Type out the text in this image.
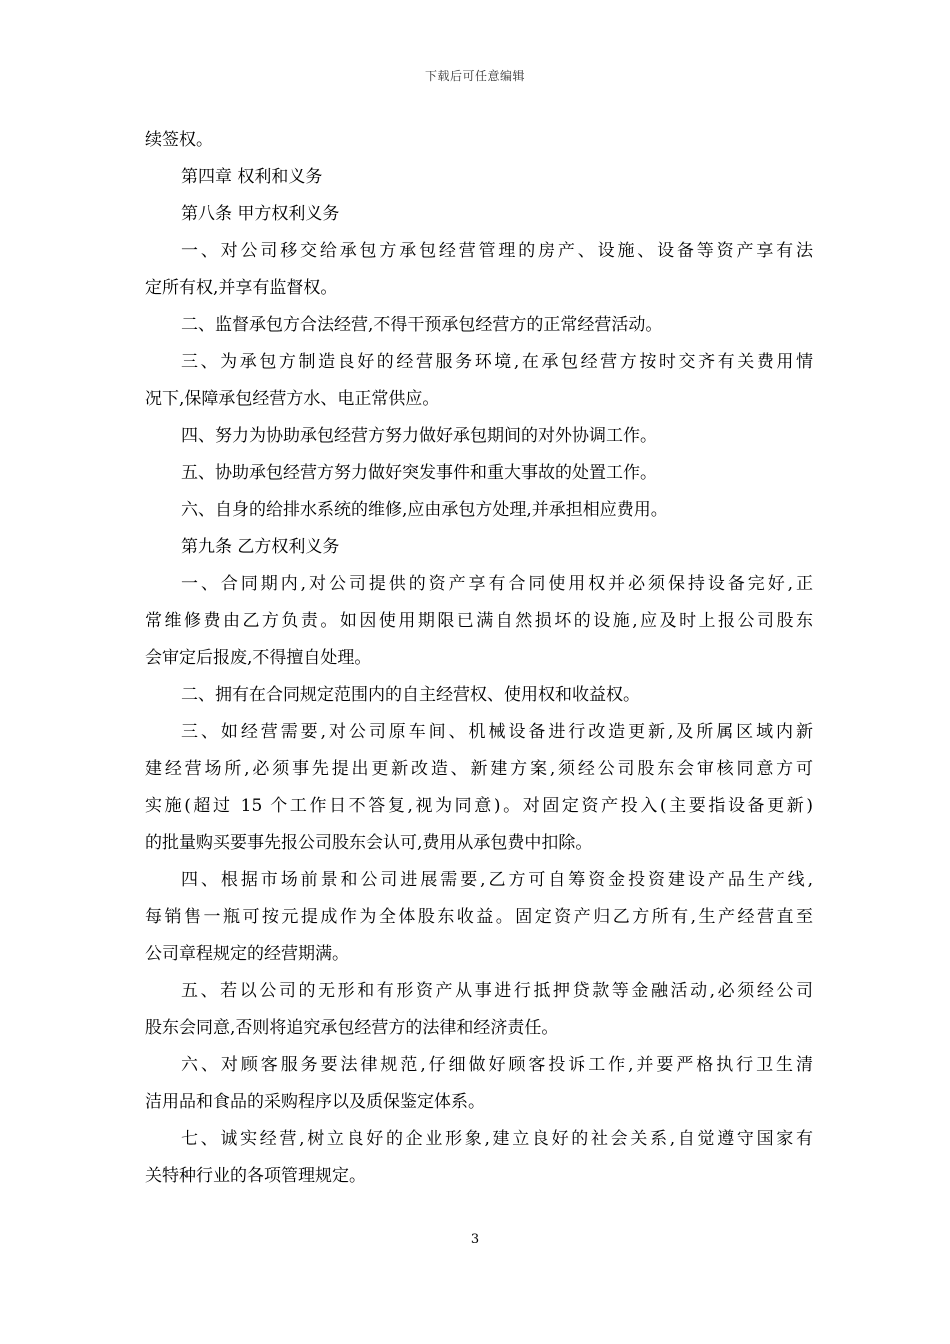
下载后可任意编辑

续签权。

第四章 权利和义务

第八条 甲方权利义务

一、对公司移交给承包方承包经营管理的房产、设施、设备等资产享有法

定所有权,并享有监督权。

二、监督承包方合法经营,不得干预承包经营方的正常经营活动。

三、为承包方制造良好的经营服务环境,在承包经营方按时交齐有关费用情

况下,保障承包经营方水、电正常供应。

四、努力为协助承包经营方努力做好承包期间的对外协调工作。

五、协助承包经营方努力做好突发事件和重大事故的处置工作。

六、自身的给排水系统的维修,应由承包方处理,并承担相应费用。

第九条 乙方权利义务

一、合同期内,对公司提供的资产享有合同使用权并必须保持设备完好,正

常维修费由乙方负责。如因使用期限已满自然损坏的设施,应及时上报公司股东

会审定后报废,不得擅自处理。

二、拥有在合同规定范围内的自主经营权、使用权和收益权。

三、如经营需要,对公司原车间、机械设备进行改造更新,及所属区域内新

建经营场所,必须事先提出更新改造、新建方案,须经公司股东会审核同意方可

实施(超过 15 个工作日不答复,视为同意)。对固定资产投入(主要指设备更新)

的批量购买要事先报公司股东会认可,费用从承包费中扣除。

四、根据市场前景和公司进展需要,乙方可自筹资金投资建设产品生产线,

每销售一瓶可按元提成作为全体股东收益。固定资产归乙方所有,生产经营直至

公司章程规定的经营期满。

五、若以公司的无形和有形资产从事进行抵押贷款等金融活动,必须经公司

股东会同意,否则将追究承包经营方的法律和经济责任。

六、对顾客服务要法律规范,仔细做好顾客投诉工作,并要严格执行卫生清

洁用品和食品的采购程序以及质保鉴定体系。

七、诚实经营,树立良好的企业形象,建立良好的社会关系,自觉遵守国家有

关特种行业的各项管理规定。

3
